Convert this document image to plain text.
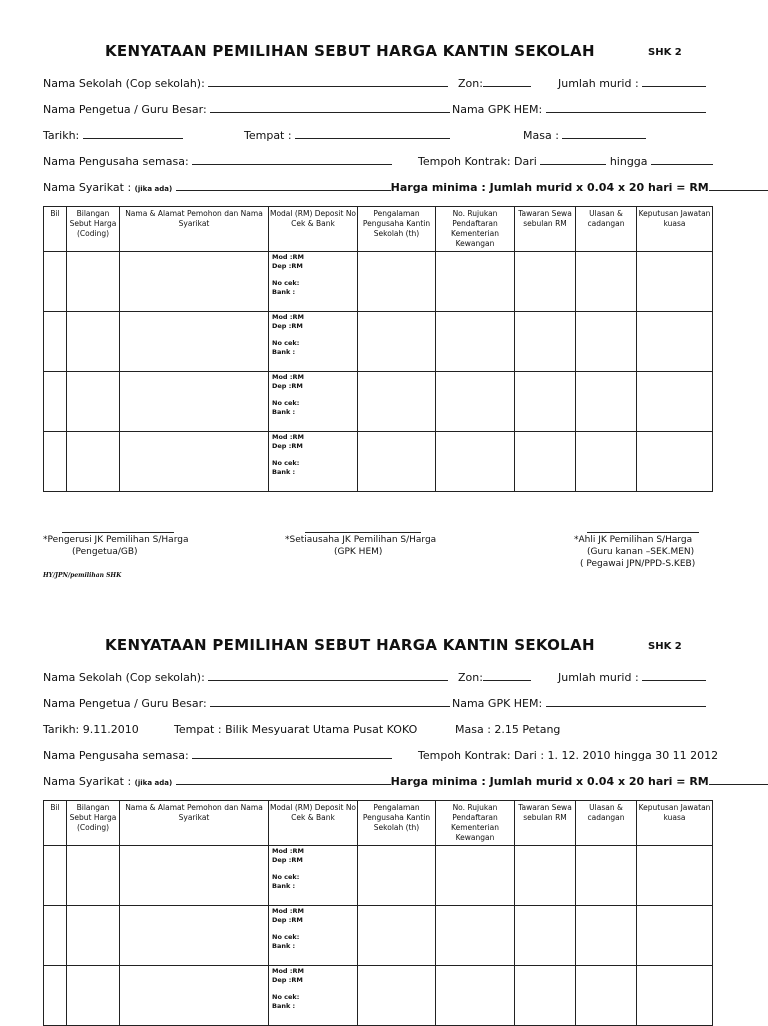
KENYATAAN PEMILIHAN SEBUT HARGA KANTIN SEKOLAH	SHK 2
Nama Sekolah (Cop sekolah):	Zon:	Jumlah murid :
Nama Pengetua / Guru Besar:	Nama GPK HEM:
Tarikh:	Tempat :	Masa :
Nama Pengusaha semasa:	Tempoh Kontrak: Dari	hingga
Nama Syarikat : (jika ada)	Harga minima : Jumlah murid x 0.04 x 20 hari = RM
Bil	Bilangan Sebut Harga (Coding)	Nama & Alamat Pemohon dan Nama Syarikat	Modal (RM) Deposit No Cek & Bank	Pengalaman Pengusaha Kantin Sekolah (th)	No. Rujukan Pendaftaran Kementerian Kewangan	Tawaran Sewa sebulan RM	Ulasan & cadangan	Keputusan Jawatan kuasa

			Mod :RM
Dep :RM
No cek:
Bank :					

			Mod :RM
Dep :RM
No cek:
Bank :					

			Mod :RM
Dep :RM
No cek:
Bank :					

			Mod :RM
Dep :RM
No cek:
Bank :					

*Pengerusi JK Pemilihan S/Harga
(Pengetua/GB)
*Setiausaha JK Pemilihan S/Harga
(GPK HEM)
*Ahli JK Pemilihan S/Harga
(Guru kanan –SEK.MEN)
( Pegawai JPN/PPD-S.KEB)
HY/JPN/pemilihan SHK
KENYATAAN PEMILIHAN SEBUT HARGA KANTIN SEKOLAH	SHK 2
Nama Sekolah (Cop sekolah):	Zon:	Jumlah murid :
Nama Pengetua / Guru Besar:	Nama GPK HEM:
Tarikh: 9.11.2010	Tempat : Bilik Mesyuarat Utama Pusat KOKO	Masa : 2.15 Petang
Nama Pengusaha semasa:	Tempoh Kontrak: Dari : 1. 12. 2010 hingga 30 11 2012
Nama Syarikat : (jika ada)	Harga minima : Jumlah murid x 0.04 x 20 hari = RM
Bil	Bilangan Sebut Harga (Coding)	Nama & Alamat Pemohon dan Nama Syarikat	Modal (RM) Deposit No Cek & Bank	Pengalaman Pengusaha Kantin Sekolah (th)	No. Rujukan Pendaftaran Kementerian Kewangan	Tawaran Sewa sebulan RM	Ulasan & cadangan	Keputusan Jawatan kuasa

			Mod :RM
Dep :RM
No cek:
Bank :					

			Mod :RM
Dep :RM
No cek:
Bank :					

			Mod :RM
Dep :RM
No cek:
Bank :					
